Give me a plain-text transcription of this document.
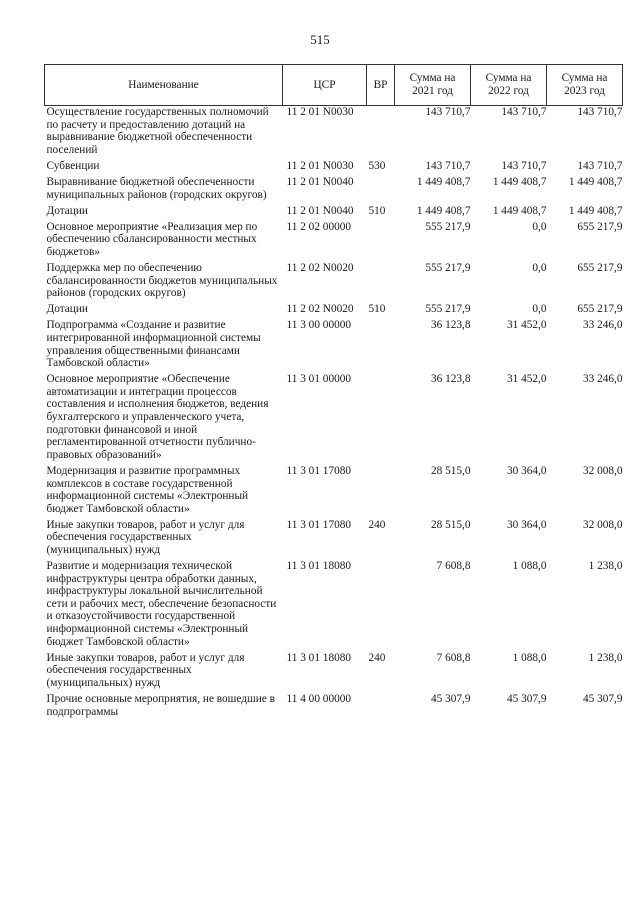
515
Наименование	ЦСР	ВР	Сумма на 2021 год	Сумма на 2022 год	Сумма на 2023 год
Осуществление государственных полномочий по расчету и предоставлению дотаций на выравнивание бюджетной обеспеченности поселений	11 2 01 N0030		143 710,7	143 710,7	143 710,7
Субвенции	11 2 01 N0030	530	143 710,7	143 710,7	143 710,7
Выравнивание бюджетной обеспеченности муниципальных районов (городских округов)	11 2 01 N0040		1 449 408,7	1 449 408,7	1 449 408,7
Дотации	11 2 01 N0040	510	1 449 408,7	1 449 408,7	1 449 408,7
Основное мероприятие «Реализация мер по обеспечению сбалансированности местных бюджетов»	11 2 02 00000		555 217,9	0,0	655 217,9
Поддержка мер по обеспечению сбалансированности бюджетов муниципальных районов (городских округов)	11 2 02 N0020		555 217,9	0,0	655 217,9
Дотации	11 2 02 N0020	510	555 217,9	0,0	655 217,9
Подпрограмма «Создание и развитие интегрированной информационной системы управления общественными финансами Тамбовской области»	11 3 00 00000		36 123,8	31 452,0	33 246,0
Основное мероприятие «Обеспечение автоматизации и интеграции процессов составления и исполнения бюджетов, ведения бухгалтерского и управленческого учета, подготовки финансовой и иной регламентированной отчетности публично-правовых образований»	11 3 01 00000		36 123,8	31 452,0	33 246,0
Модернизация и развитие программных комплексов в составе государственной информационной системы «Электронный бюджет Тамбовской области»	11 3 01 17080		28 515,0	30 364,0	32 008,0
Иные закупки товаров, работ и услуг для обеспечения государственных (муниципальных) нужд	11 3 01 17080	240	28 515,0	30 364,0	32 008,0
Развитие и модернизация технической инфраструктуры центра обработки данных, инфраструктуры локальной вычислительной сети и рабочих мест, обеспечение безопасности и отказоустойчивости государственной информационной системы «Электронный бюджет Тамбовской области»	11 3 01 18080		7 608,8	1 088,0	1 238,0
Иные закупки товаров, работ и услуг для обеспечения государственных (муниципальных) нужд	11 3 01 18080	240	7 608,8	1 088,0	1 238,0
Прочие основные мероприятия, не вошедшие в подпрограммы	11 4 00 00000		45 307,9	45 307,9	45 307,9
